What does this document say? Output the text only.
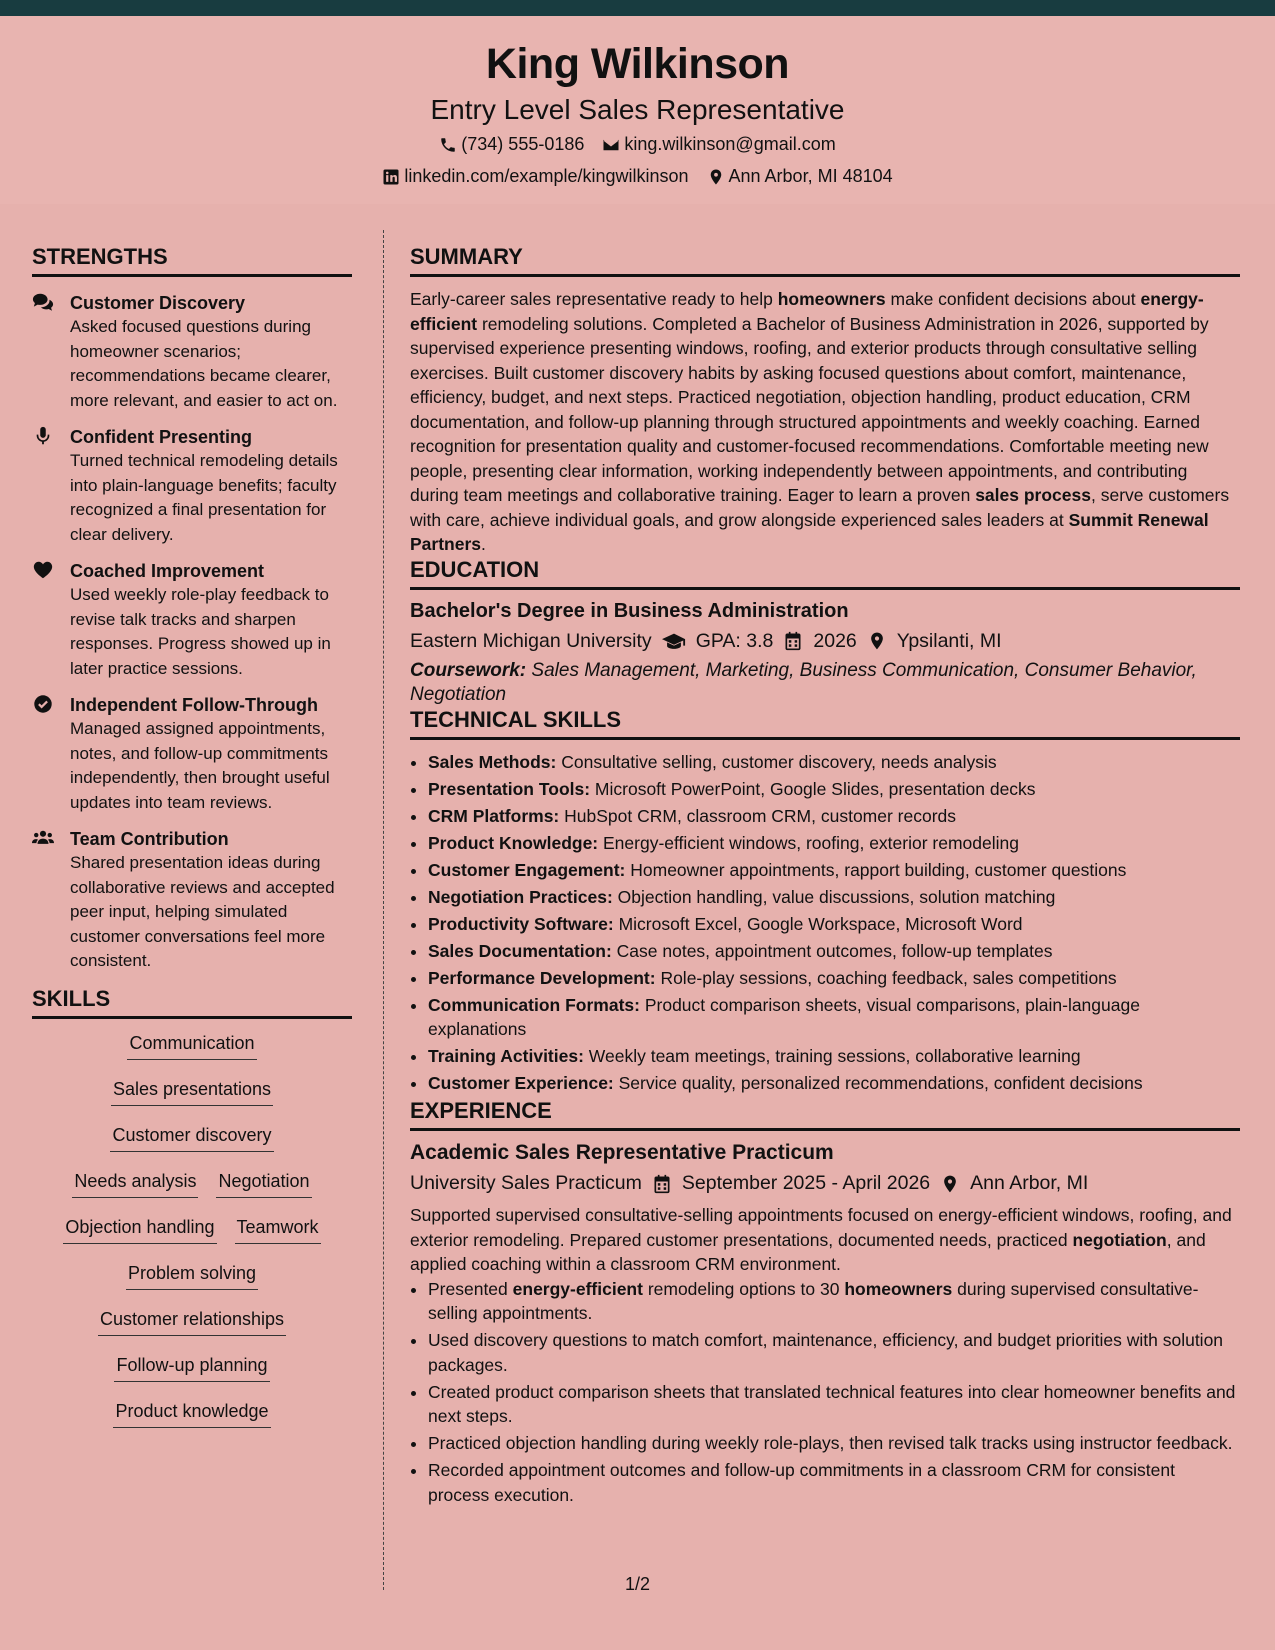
King Wilkinson
Entry Level Sales Representative
(734) 555-0186 king.wilkinson@gmail.com
linkedin.com/example/kingwilkinson Ann Arbor, MI 48104
STRENGTHS
Customer Discovery
Asked focused questions during homeowner scenarios; recommendations became clearer, more relevant, and easier to act on.
Confident Presenting
Turned technical remodeling details into plain-language benefits; faculty recognized a final presentation for clear delivery.
Coached Improvement
Used weekly role-play feedback to revise talk tracks and sharpen responses. Progress showed up in later practice sessions.
Independent Follow-Through
Managed assigned appointments, notes, and follow-up commitments independently, then brought useful updates into team reviews.
Team Contribution
Shared presentation ideas during collaborative reviews and accepted peer input, helping simulated customer conversations feel more consistent.
SKILLS
Communication
Sales presentations
Customer discovery
Needs analysis Negotiation
Objection handling Teamwork
Problem solving
Customer relationships
Follow-up planning
Product knowledge
SUMMARY

Early-career sales representative ready to help homeowners make confident decisions about energy-efficient remodeling solutions. Completed a Bachelor of Business Administration in 2026, supported by supervised experience presenting windows, roofing, and exterior products through consultative selling exercises. Built customer discovery habits by asking focused questions about comfort, maintenance, efficiency, budget, and next steps. Practiced negotiation, objection handling, product education, CRM documentation, and follow-up planning through structured appointments and weekly coaching. Earned recognition for presentation quality and customer-focused recommendations. Comfortable meeting new people, presenting clear information, working independently between appointments, and contributing during team meetings and collaborative training. Eager to learn a proven sales process, serve customers with care, achieve individual goals, and grow alongside experienced sales leaders at Summit Renewal Partners.

EDUCATION
Bachelor's Degree in Business Administration
Eastern Michigan University GPA: 3.8 2026 Ypsilanti, MI
Coursework: Sales Management, Marketing, Business Communication, Consumer Behavior, Negotiation
TECHNICAL SKILLS
• Sales Methods: Consultative selling, customer discovery, needs analysis
• Presentation Tools: Microsoft PowerPoint, Google Slides, presentation decks
• CRM Platforms: HubSpot CRM, classroom CRM, customer records
• Product Knowledge: Energy-efficient windows, roofing, exterior remodeling
• Customer Engagement: Homeowner appointments, rapport building, customer questions
• Negotiation Practices: Objection handling, value discussions, solution matching
• Productivity Software: Microsoft Excel, Google Workspace, Microsoft Word
• Sales Documentation: Case notes, appointment outcomes, follow-up templates
• Performance Development: Role-play sessions, coaching feedback, sales competitions
• Communication Formats: Product comparison sheets, visual comparisons, plain-language explanations
• Training Activities: Weekly team meetings, training sessions, collaborative learning
• Customer Experience: Service quality, personalized recommendations, confident decisions
EXPERIENCE
Academic Sales Representative Practicum
University Sales Practicum September 2025 - April 2026 Ann Arbor, MI

Supported supervised consultative-selling appointments focused on energy-efficient windows, roofing, and exterior remodeling. Prepared customer presentations, documented needs, practiced negotiation, and applied coaching within a classroom CRM environment.

• Presented energy-efficient remodeling options to 30 homeowners during supervised consultative-selling appointments.
• Used discovery questions to match comfort, maintenance, efficiency, and budget priorities with solution packages.
• Created product comparison sheets that translated technical features into clear homeowner benefits and next steps.
• Practiced objection handling during weekly role-plays, then revised talk tracks using instructor feedback.
• Recorded appointment outcomes and follow-up commitments in a classroom CRM for consistent process execution.
1/2
